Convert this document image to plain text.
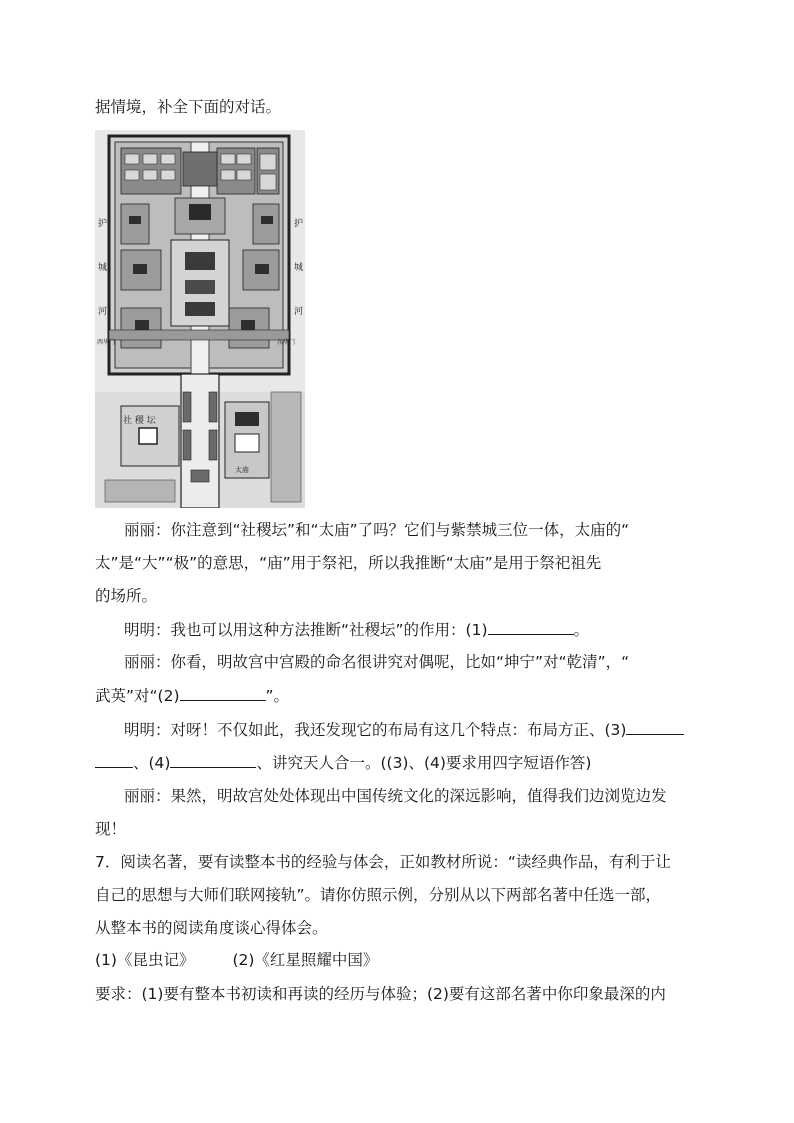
据情境，补全下面的对话。
护
城
河
护
城
河
社 稷 坛
西华门	东华门
太庙
丽丽：你注意到“社稷坛”和“太庙”了吗？它们与紫禁城三位一体，太庙的“
太”是“大”“极”的意思，“庙”用于祭祀，所以我推断“太庙”是用于祭祀祖先
的场所。
明明：我也可以用这种方法推断“社稷坛”的作用：(1)	。
丽丽：你看，明故宫中宫殿的命名很讲究对偶呢，比如“坤宁”对“乾清”，“
武英”对“(2)	”。
明明：对呀！不仅如此，我还发现它的布局有这几个特点：布局方正、(3)
、(4)	、讲究天人合一。((3)、(4)要求用四字短语作答)
丽丽：果然，明故宫处处体现出中国传统文化的深远影响，值得我们边浏览边发
现！
7．阅读名著，要有读整本书的经验与体会，正如教材所说：“读经典作品，有利于让
自己的思想与大师们联网接轨”。请你仿照示例，分别从以下两部名著中任选一部，
从整本书的阅读角度谈心得体会。
(1)《昆虫记》 (2)《红星照耀中国》
要求：(1)要有整本书初读和再读的经历与体验；(2)要有这部名著中你印象最深的内
